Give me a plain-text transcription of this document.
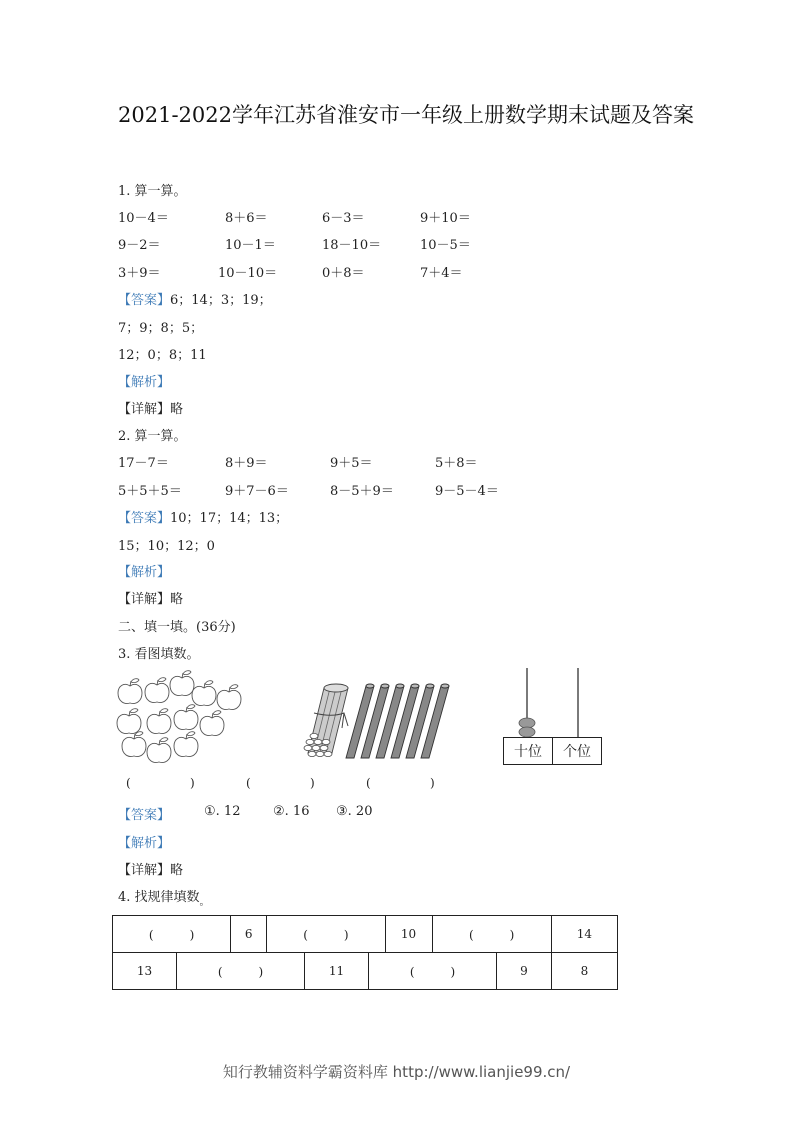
2021-2022学年江苏省淮安市一年级上册数学期末试题及答案
1. 算一算。
10－4＝	8＋6＝	6－3＝	9＋10＝
9－2＝	10－1＝	18－10＝	10－5＝
3＋9＝	10－10＝	0＋8＝	7＋4＝
【答案】6；14；3；19；
7；9；8；5；
12；0；8；11
【解析】
【详解】略
2. 算一算。
17－7＝	8＋9＝	9＋5＝	5＋8＝
5＋5＋5＝	9＋7－6＝	8－5＋9＝	9－5－4＝
【答案】10；17；14；13；
15；10；12；0
【解析】
【详解】略
二、填一填。(36分)
3. 看图填数。
十位	个位
(	)	(	)	(	)
【答案】	①. 12	②. 16 ③. 20
【解析】
【详解】略
4. 找规律填数$_。$
(　　　)	6	(　　　)	10	(　　　)	14
13	(　　　)	11	(　　　)	9	8
知行教辅资料学霸资料库 http://www.lianjie99.cn/
